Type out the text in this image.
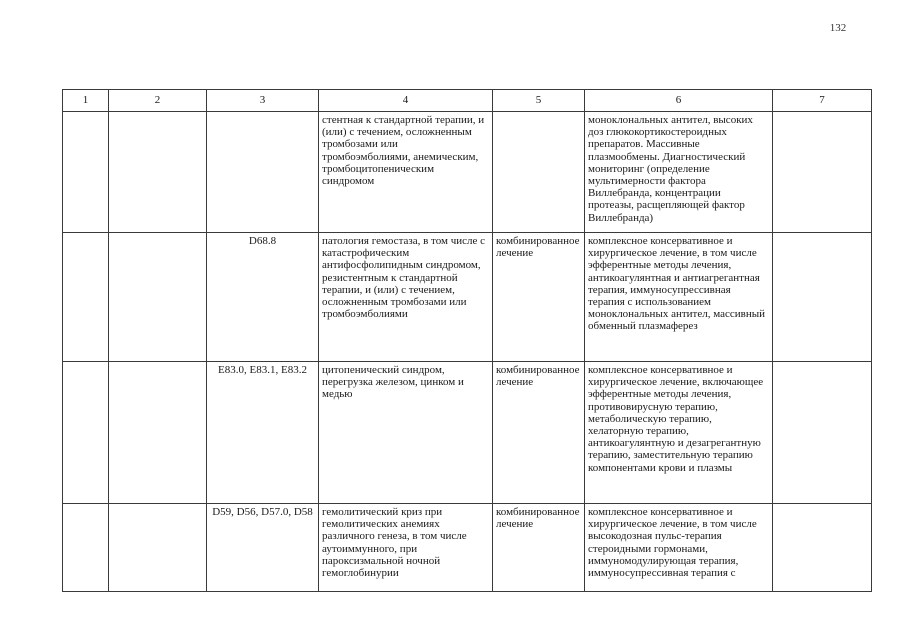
132
1	2	3	4	5	6	7
			стентная к стандартной терапии, и (или) с течением, осложненным тромбозами или тромбоэмболиями, анемическим, тромбоцитопеническим синдромом		моноклональных антител, высоких доз глюкокортикостероидных препаратов. Массивные плазмообмены. Диагностический мониторинг (определение мультимерности фактора Виллебранда, концентрации протеазы, расщепляющей фактор Виллебранда)	
		D68.8	патология гемостаза, в том числе с катастрофическим антифосфолипидным синдромом, резистентным к стандартной терапии, и (или) с течением, осложненным тромбозами или тромбоэмболиями	комбинированное лечение	комплексное консервативное и хирургическое лечение, в том числе эфферентные методы лечения, антикоагулянтная и антиагрегантная терапия, иммуносупрессивная терапия с использованием моноклональных антител, массивный обменный плазмаферез	
		E83.0, E83.1, E83.2	цитопенический синдром, перегрузка железом, цинком и медью	комбинированное лечение	комплексное консервативное и хирургическое лечение, включающее эфферентные методы лечения, противовирусную терапию, метаболическую терапию, хелаторную терапию, антикоагулянтную и дезагрегантную терапию, заместительную терапию компонентами крови и плазмы	
		D59, D56, D57.0, D58	гемолитический криз при гемолитических анемиях различного генеза, в том числе аутоиммунного, при пароксизмальной ночной гемоглобинурии	комбинированное лечение	комплексное консервативное и хирургическое лечение, в том числе высокодозная пульс-терапия стероидными гормонами, иммуномодулирующая терапия, иммуносупрессивная терапия с	
